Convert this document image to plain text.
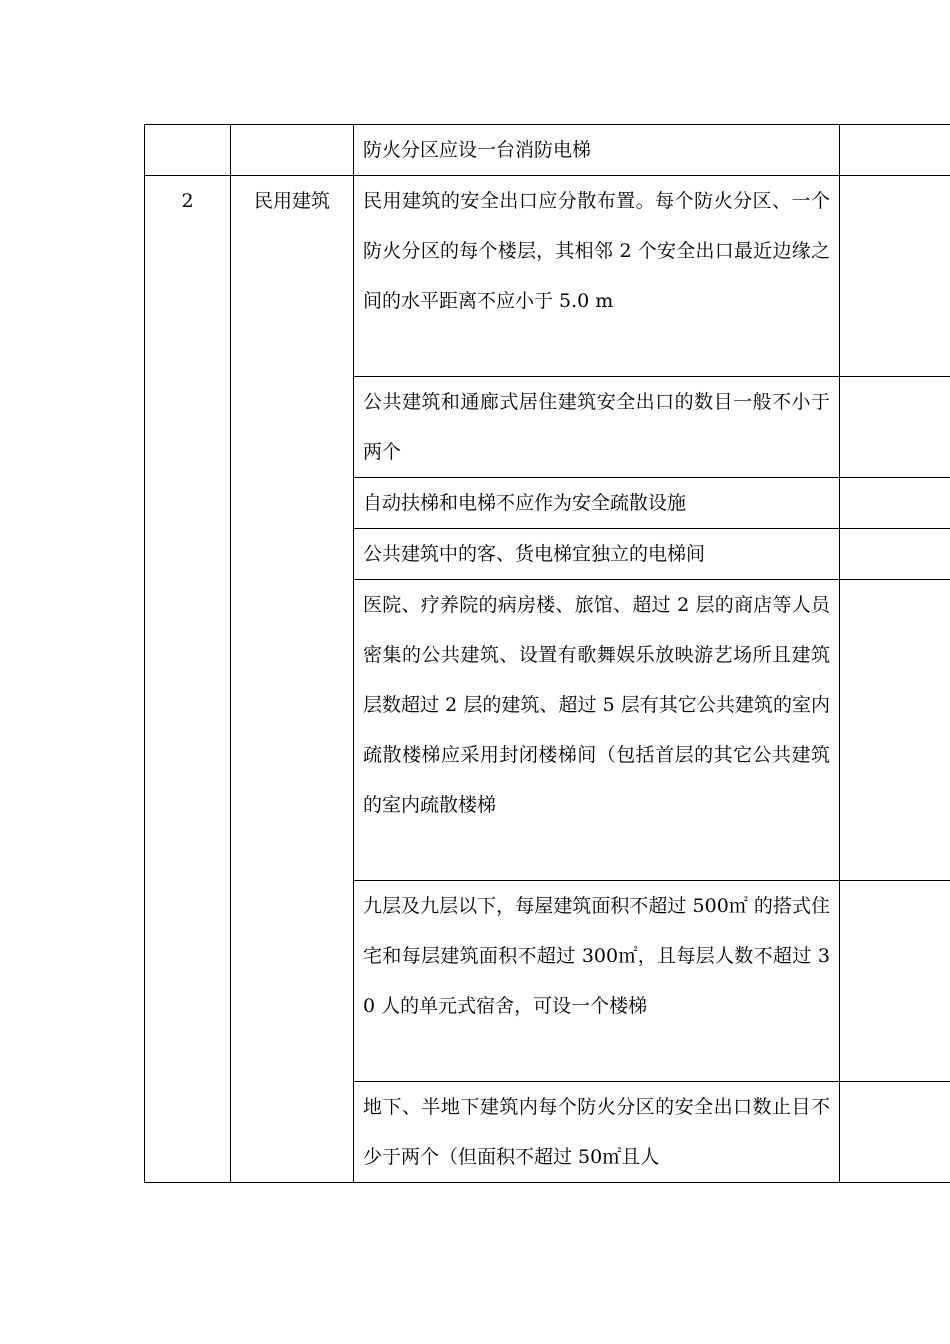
		防火分区应设一台消防电梯	
2	民用建筑	民用建筑的安全出口应分散布置。每个防火分区、一个防火分区的每个楼层，其相邻 2 个安全出口最近边缘之间的水平距离不应小于 5.0 m	
		公共建筑和通廊式居住建筑安全出口的数目一般不小于两个	
		自动扶梯和电梯不应作为安全疏散设施	
		公共建筑中的客、货电梯宜独立的电梯间	
		医院、疗养院的病房楼、旅馆、超过 2 层的商店等人员密集的公共建筑、设置有歌舞娱乐放映游艺场所且建筑层数超过 2 层的建筑、超过 5 层有其它公共建筑的室内疏散楼梯应采用封闭楼梯间（包括首层的其它公共建筑的室内疏散楼梯	
		九层及九层以下，每屋建筑面积不超过 500㎡ 的搭式住宅和每层建筑面积不超过 300㎡，且每层人数不超过 30 人的单元式宿舍，可设一个楼梯	
		地下、半地下建筑内每个防火分区的安全出口数止目不少于两个（但面积不超过 50㎡且人	
